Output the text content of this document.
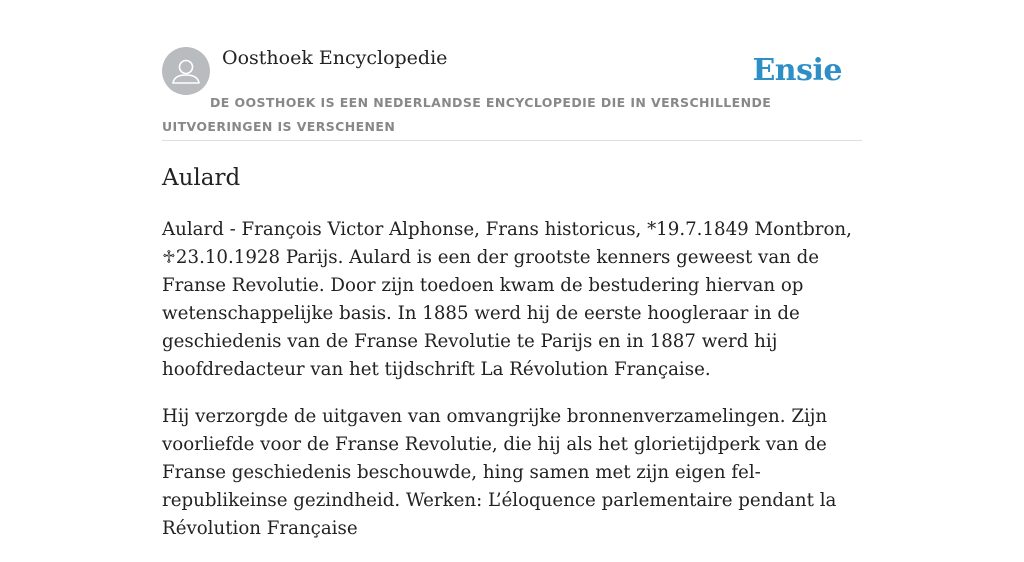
Oosthoek Encyclopedie	Ensie
DE OOSTHOEK IS EEN NEDERLANDSE ENCYCLOPEDIE DIE IN VERSCHILLENDE UITVOERINGEN IS VERSCHENEN
Aulard

Aulard - François Victor Alphonse, Frans historicus, *19.7.1849 Montbron, ♱23.10.1928 Parijs. Aulard is een der grootste kenners geweest van de Franse Revolutie. Door zijn toedoen kwam de bestudering hiervan op wetenschappelijke basis. In 1885 werd hij de eerste hoogleraar in de geschiedenis van de Franse Revolutie te Parijs en in 1887 werd hij hoofdredacteur van het tijdschrift La Révolution Française.

Hij verzorgde de uitgaven van omvangrijke bronnenverzamelingen. Zijn voorliefde voor de Franse Revolutie, die hij als het glorietijdperk van de Franse geschiedenis beschouwde, hing samen met zijn eigen fel-republikeinse gezindheid. Werken: L’éloquence parlementaire pendant la Révolution Française
